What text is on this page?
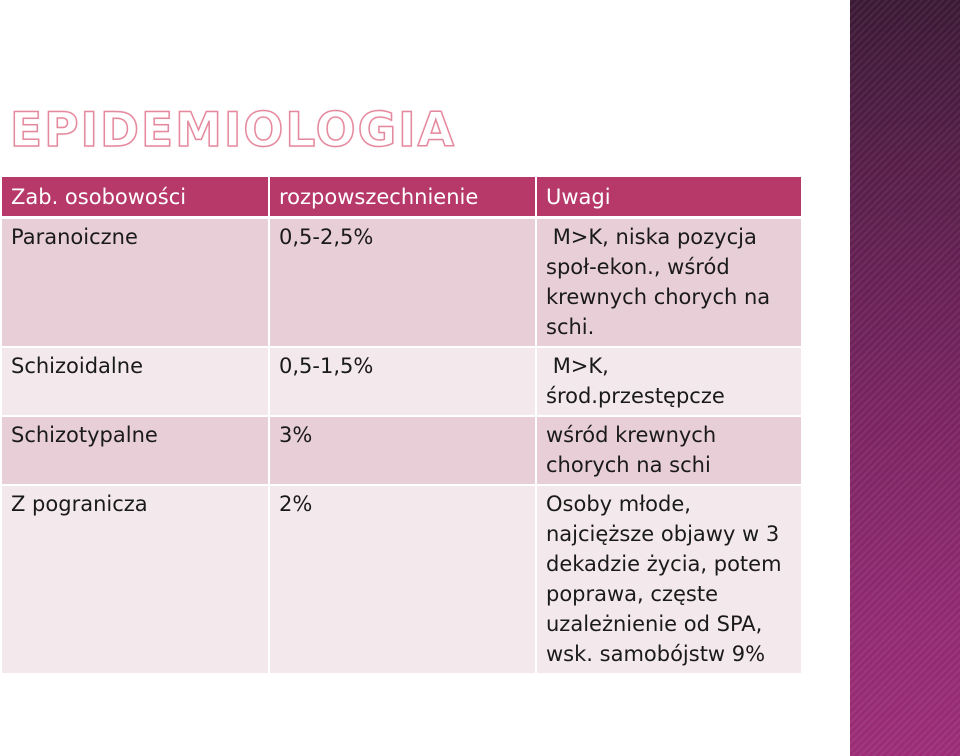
EPIDEMIOLOGIA
Zab. osobowości	rozpowszechnienie	Uwagi
Paranoiczne	0,5-2,5%	M>K, niska pozycja społ-ekon., wśród krewnych chorych na schi.
Schizoidalne	0,5-1,5%	M>K, środ.przestępcze
Schizotypalne	3%	wśród krewnych chorych na schi
Z pogranicza	2%	Osoby młode, najcięższe objawy w 3 dekadzie życia, potem poprawa, częste uzależnienie od SPA, wsk. samobójstw 9%
